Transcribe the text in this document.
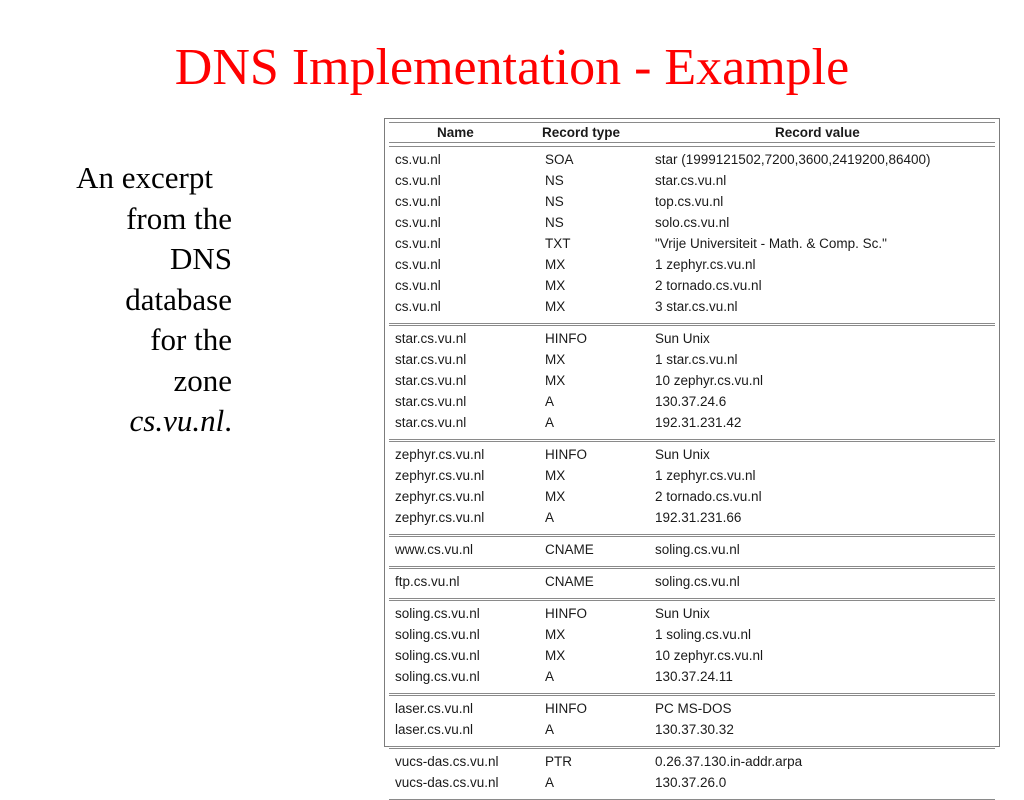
DNS Implementation - Example
An excerpt
from the
DNS
database
for the
zone
cs.vu.nl.
Name	Record type	Record value
cs.vu.nl	SOA	star (1999121502,7200,3600,2419200,86400)
cs.vu.nl	NS	star.cs.vu.nl
cs.vu.nl	NS	top.cs.vu.nl
cs.vu.nl	NS	solo.cs.vu.nl
cs.vu.nl	TXT	"Vrije Universiteit - Math. & Comp. Sc."
cs.vu.nl	MX	1 zephyr.cs.vu.nl
cs.vu.nl	MX	2 tornado.cs.vu.nl
cs.vu.nl	MX	3 star.cs.vu.nl
star.cs.vu.nl	HINFO	Sun Unix
star.cs.vu.nl	MX	1 star.cs.vu.nl
star.cs.vu.nl	MX	10 zephyr.cs.vu.nl
star.cs.vu.nl	A	130.37.24.6
star.cs.vu.nl	A	192.31.231.42
zephyr.cs.vu.nl	HINFO	Sun Unix
zephyr.cs.vu.nl	MX	1 zephyr.cs.vu.nl
zephyr.cs.vu.nl	MX	2 tornado.cs.vu.nl
zephyr.cs.vu.nl	A	192.31.231.66
www.cs.vu.nl	CNAME	soling.cs.vu.nl
ftp.cs.vu.nl	CNAME	soling.cs.vu.nl
soling.cs.vu.nl	HINFO	Sun Unix
soling.cs.vu.nl	MX	1 soling.cs.vu.nl
soling.cs.vu.nl	MX	10 zephyr.cs.vu.nl
soling.cs.vu.nl	A	130.37.24.11
laser.cs.vu.nl	HINFO	PC MS-DOS
laser.cs.vu.nl	A	130.37.30.32
vucs-das.cs.vu.nl	PTR	0.26.37.130.in-addr.arpa
vucs-das.cs.vu.nl	A	130.37.26.0
